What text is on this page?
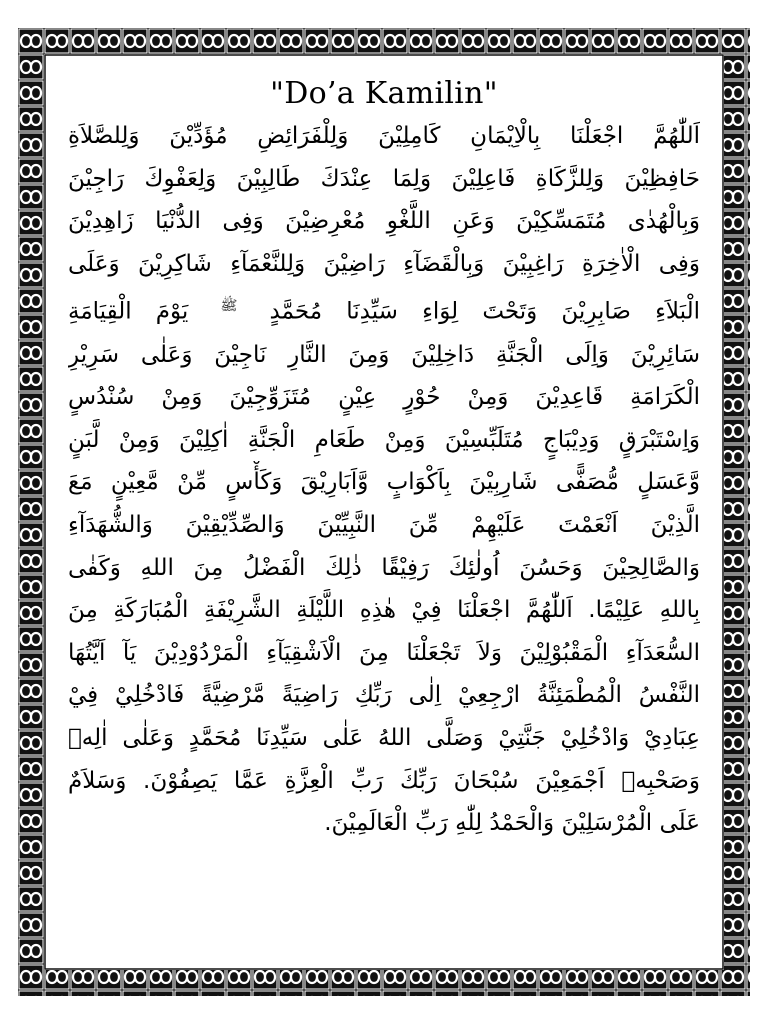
"Do’a Kamilin"
اَللّٰهُمَّ اجْعَلْنَا بِالْاِيْمَانِ كَامِلِيْنَ وَلِلْفَرَائِضِ مُؤَدِّيْنَ وَلِلصَّلاَةِ
حَافِظِيْنَ وَلِلزَّكَاةِ فَاعِلِيْنَ وَلِمَا عِنْدَكَ طَالِبِيْنَ وَلِعَفْوِكَ رَاجِيْنَ
وَبِالْهُدٰى مُتَمَسِّكِيْنَ وَعَنِ اللَّغْوِ مُعْرِضِيْنَ وَفِى الدُّنْيَا زَاهِدِيْنَ
وَفِى الْاٰخِرَةِ رَاغِبِيْنَ وَبِالْقَضَآءِ رَاضِيْنَ وَلِلنَّعْمَآءِ شَاكِرِيْنَ وَعَلَى
الْبَلاَءِ صَابِرِيْنَ وَتَحْتَ لِوَاءِ سَيِّدِنَا مُحَمَّدٍ $^ﷺ$ يَوْمَ الْقِيَامَةِ
سَائِرِيْنَ وَاِلَى الْجَنَّةِ دَاخِلِيْنَ وَمِنَ النَّارِ نَاجِيْنَ وَعَلٰى سَرِيْرِ
الْكَرَامَةِ قَاعِدِيْنَ وَمِنْ حُوْرٍ عِيْنٍ مُتَزَوِّجِيْنَ وَمِنْ سُنْدُسٍ
وَاِسْتَبْرَقٍ وَدِيْبَاجٍ مُتَلَبِّسِيْنَ وَمِنْ طَعَامِ الْجَنَّةِ اٰكِلِيْنَ وَمِنْ لَّبَنٍ
وَّعَسَلٍ مُّصَفًّى شَارِبِيْنَ بِاَكْوَابٍ وَّاَبَارِيْقَ وَكَأْسٍ مِّنْ مَّعِيْنٍ مَعَ
الَّذِيْنَ اَنْعَمْتَ عَلَيْهِمْ مِّنَ النَّبِيِّيْنَ وَالصِّدِّيْقِيْنَ وَالشُّهَدَآءِ
وَالصَّالِحِيْنَ وَحَسُنَ اُولٰئِكَ رَفِيْقًا ذٰلِكَ الْفَضْلُ مِنَ اللهِ وَكَفٰى
بِاللهِ عَلِيْمًا. اَللّٰهُمَّ اجْعَلْنَا فِيْ هٰذِهِ اللَّيْلَةِ الشَّرِيْفَةِ الْمُبَارَكَةِ مِنَ
السُّعَدَآءِ الْمَقْبُوْلِيْنَ وَلاَ تَجْعَلْنَا مِنَ الْاَشْقِيَآءِ الْمَرْدُوْدِيْنَ يَآ اَيَّتُهَا
النَّفْسُ الْمُطْمَئِنَّةُ ارْجِعِيْ اِلٰى رَبِّكِ رَاضِيَةً مَّرْضِيَّةً فَادْخُلِيْ فِيْ
عِبَادِيْ وَادْخُلِيْ جَنَّتِيْ وَصَلَّى اللهُ عَلٰى سَيِّدِنَا مُحَمَّدٍ وَعَلٰى اٰلِهٖ
وَصَحْبِهٖ اَجْمَعِيْنَ سُبْحَانَ رَبِّكَ رَبِّ الْعِزَّةِ عَمَّا يَصِفُوْنَ. وَسَلاَمٌ
عَلَى الْمُرْسَلِيْنَ وَالْحَمْدُ لِلّٰهِ رَبِّ الْعَالَمِيْنَ.
